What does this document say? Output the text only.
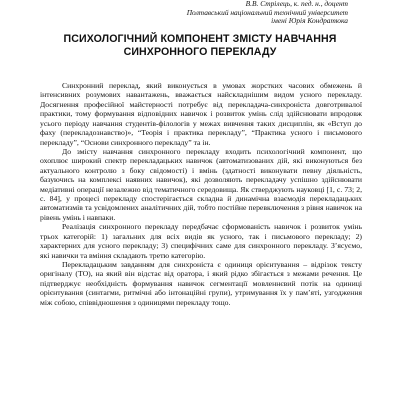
В.В. Стрілець, к. пед. н., доцент
Полтавський національний технічний університет
імені Юрія Кондратюка
ПСИХОЛОГІЧНИЙ КОМПОНЕНТ ЗМІСТУ НАВЧАННЯ
СИНХРОННОГО ПЕРЕКЛАДУ

Синхронний переклад, який виконується в умовах жорстких часових обмежень й інтенсивних розумових навантажень, вважається найскладнішим видом усного перекладу. Досягнення професійної майстерності потребує від перекладача-синхроніста довготривалої практики, тому формування відповідних навичок і розвиток умінь слід здійснювати впродовж усього періоду навчання студентів-філологів у межах вивчення таких дисциплін, як «Вступ до фаху (перекладознавство)», “Теорія і практика перекладу”, “Практика усного і письмового перекладу”, “Основи синхронного перекладу” та ін.

До змісту навчання синхронного перекладу входить психологічний компонент, що охоплює широкий спектр перекладацьких навичок (автоматизованих дій, які виконуються без актуального контролю з боку свідомості) і вмінь (здатності виконувати певну діяльність, базуючись на комплексі наявних навичок), які дозволяють перекладачу успішно здійснювати медіативні операції незалежно від тематичного середовища. Як стверджують науковці [1, с. 73; 2, с. 84], у процесі перекладу спостерігається складна й динамічна взаємодія перекладацьких автоматизмів та усвідомлених аналітичних дій, тобто постійне перевключення з рівня навичок на рівень умінь і навпаки.

Реалізація синхронного перекладу передбачає сформованість навичок і розвиток умінь трьох категорій: 1) загальних для всіх видів як усного, так і письмового перекладу; 2) характерних для усного перекладу; 3) специфічних саме для синхронного перекладу. З’ясуємо, які навички та вміння складають третю категорію.

Перекладацьким завданням для синхроніста є одиниця орієнтування – відрізок тексту оригіналу (ТО), на який він відстає від оратора, і який рідко збігається з межами речення. Це підтверджує необхідність формування навичок сегментації мовленнєвий потік на одиниці орієнтування (синтагми, ритмічні або інтонаційні групи), утримування їх у пам’яті, узгодження між собою, співвідношення з одиницями перекладу тощо.
